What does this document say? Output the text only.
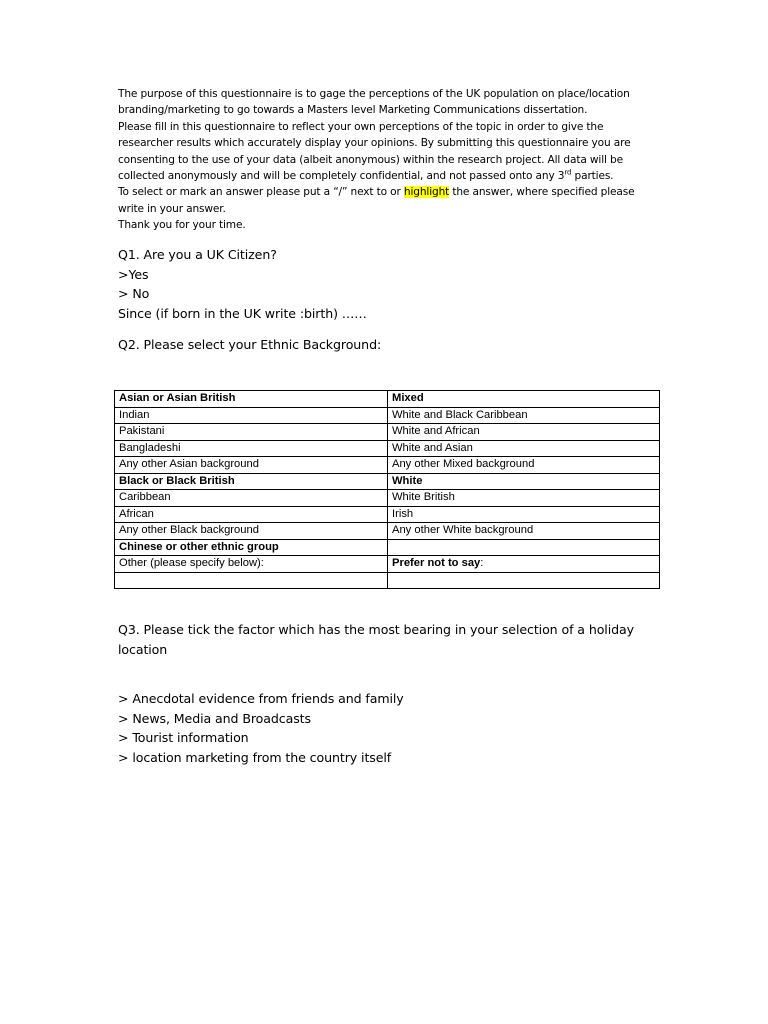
The purpose of this questionnaire is to gage the perceptions of the UK population on place/location

branding/marketing to go towards a Masters level Marketing Communications dissertation.

Please fill in this questionnaire to reflect your own perceptions of the topic in order to give the

researcher results which accurately display your opinions. By submitting this questionnaire you are

consenting to the use of your data (albeit anonymous) within the research project. All data will be

collected anonymously and will be completely confidential, and not passed onto any 3rd parties.

To select or mark an answer please put a “/” next to or highlight the answer, where specified please

write in your answer.

Thank you for your time.

Q1. Are you a UK Citizen?

>Yes

> No

Since (if born in the UK write :birth) ……

Q2. Please select your Ethnic Background:

Asian or Asian British	Mixed
Indian	White and Black Caribbean
Pakistani	White and African
Bangladeshi	White and Asian
Any other Asian background	Any other Mixed background
Black or Black British	White
Caribbean	White British
African	Irish
Any other Black background	Any other White background
Chinese or other ethnic group	
Other (please specify below):	Prefer not to say:

Q3. Please tick the factor which has the most bearing in your selection of a holiday

location

> Anecdotal evidence from friends and family

> News, Media and Broadcasts

> Tourist information

> location marketing from the country itself
